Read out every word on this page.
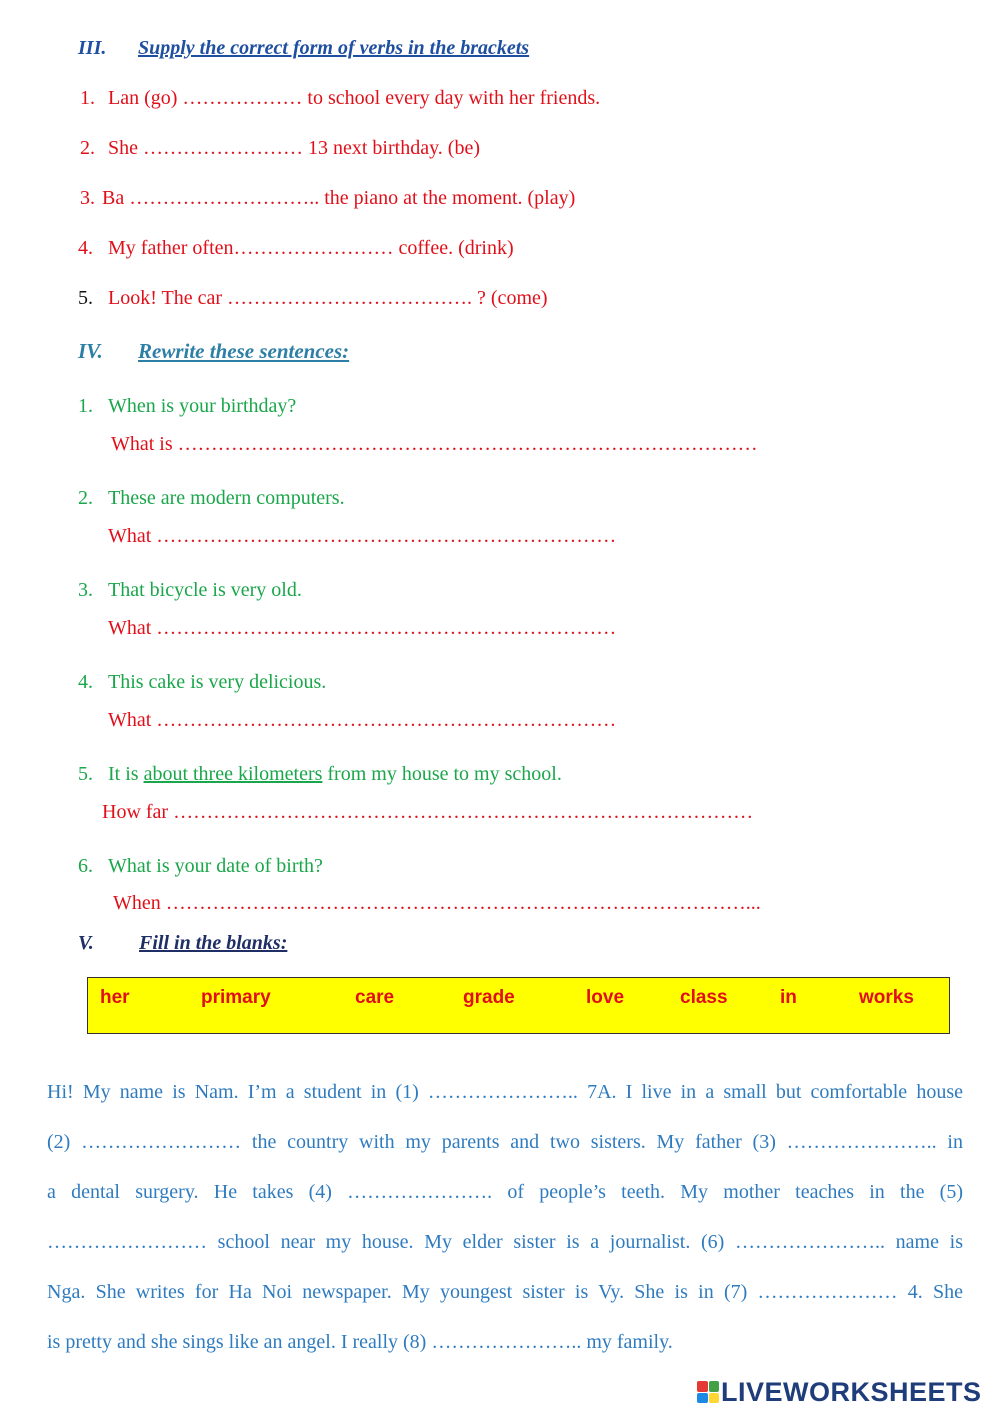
III. Supply the correct form of verbs in the brackets
1. Lan (go) ……………… to school every day with her friends.
2. She …………………… 13 next birthday. (be)
3. Ba ……………………….. the piano at the moment. (play)
4. My father often…………………… coffee. (drink)
5. Look! The car ………………………………. ? (come)
IV. Rewrite these sentences:
1. When is your birthday?
What is ……………………………………………………………………………
2. These are modern computers.
What ……………………………………………………………
3. That bicycle is very old.
What ……………………………………………………………
4. This cake is very delicious.
What ……………………………………………………………
5. It is about three kilometers from my house to my school.
How far ……………………………………………………………………………
6. What is your date of birth?
When ……………………………………………………………………………...
V. Fill in the blanks:
her	primary	care	grade	love	class	in	works
Hi! My name is Nam. I’m a student in (1) ………………….. 7A. I live in a small but comfortable house
(2) …………………… the country with my parents and two sisters. My father (3) ………………….. in
a dental surgery. He takes (4) …………………. of people’s teeth. My mother teaches in the (5)
…………………… school near my house. My elder sister is a journalist. (6) ………………….. name is
Nga. She writes for Ha Noi newspaper. My youngest sister is Vy. She is in (7) ………………… 4. She
is pretty and she sings like an angel. I really (8) ………………….. my family.
LIVEWORKSHEETS
